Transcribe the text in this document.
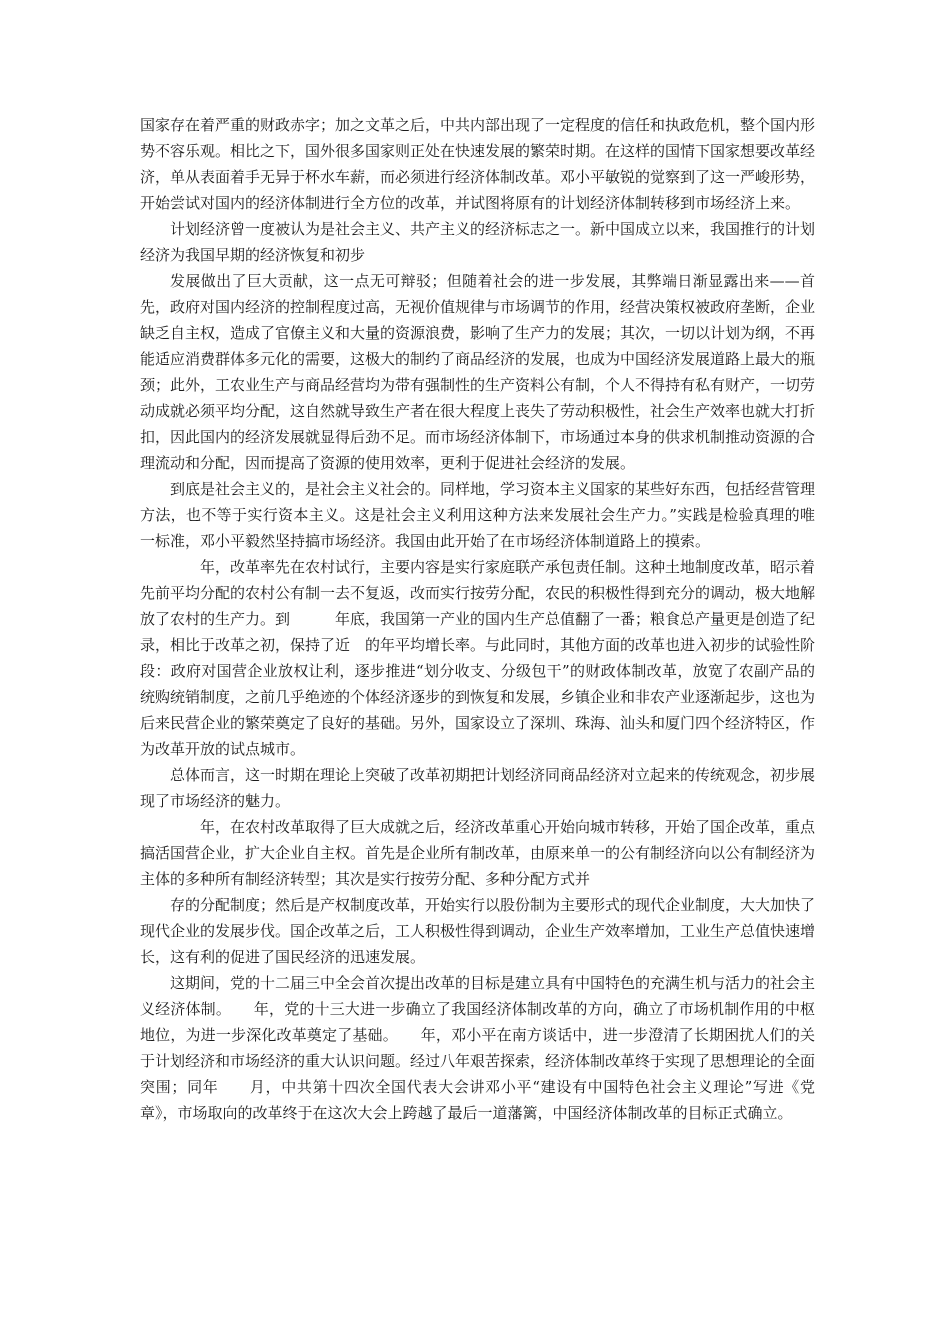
国家存在着严重的财政赤字；加之文革之后，中共内部出现了一定程度的信任和执政危机，整个国内形势不容乐观。相比之下，国外很多国家则正处在快速发展的繁荣时期。在这样的国情下国家想要改革经济，单从表面着手无异于杯水车薪，而必须进行经济体制改革。邓小平敏锐的觉察到了这一严峻形势，开始尝试对国内的经济体制进行全方位的改革，并试图将原有的计划经济体制转移到市场经济上来。

计划经济曾一度被认为是社会主义、共产主义的经济标志之一。新中国成立以来，我国推行的计划经济为我国早期的经济恢复和初步

发展做出了巨大贡献，这一点无可辩驳；但随着社会的进一步发展，其弊端日渐显露出来——首先，政府对国内经济的控制程度过高，无视价值规律与市场调节的作用，经营决策权被政府垄断，企业缺乏自主权，造成了官僚主义和大量的资源浪费，影响了生产力的发展；其次，一切以计划为纲，不再能适应消费群体多元化的需要，这极大的制约了商品经济的发展，也成为中国经济发展道路上最大的瓶颈；此外，工农业生产与商品经营均为带有强制性的生产资料公有制，个人不得持有私有财产，一切劳动成就必须平均分配，这自然就导致生产者在很大程度上丧失了劳动积极性，社会生产效率也就大打折扣，因此国内的经济发展就显得后劲不足。而市场经济体制下，市场通过本身的供求机制推动资源的合理流动和分配，因而提高了资源的使用效率，更利于促进社会经济的发展。

到底是社会主义的，是社会主义社会的。同样地，学习资本主义国家的某些好东西，包括经营管理方法，也不等于实行资本主义。这是社会主义利用这种方法来发展社会生产力。”实践是检验真理的唯一标准，邓小平毅然坚持搞市场经济。我国由此开始了在市场经济体制道路上的摸索。

　　年，改革率先在农村试行，主要内容是实行家庭联产承包责任制。这种土地制度改革，昭示着先前平均分配的农村公有制一去不复返，改而实行按劳分配，农民的积极性得到充分的调动，极大地解放了农村的生产力。到　　　年底，我国第一产业的国内生产总值翻了一番；粮食总产量更是创造了纪录，相比于改革之初，保持了近　的年平均增长率。与此同时，其他方面的改革也进入初步的试验性阶段：政府对国营企业放权让利，逐步推进“划分收支、分级包干”的财政体制改革，放宽了农副产品的统购统销制度，之前几乎绝迹的个体经济逐步的到恢复和发展，乡镇企业和非农产业逐渐起步，这也为后来民营企业的繁荣奠定了良好的基础。另外，国家设立了深圳、珠海、汕头和厦门四个经济特区，作为改革开放的试点城市。

总体而言，这一时期在理论上突破了改革初期把计划经济同商品经济对立起来的传统观念，初步展现了市场经济的魅力。

　　年，在农村改革取得了巨大成就之后，经济改革重心开始向城市转移，开始了国企改革，重点搞活国营企业，扩大企业自主权。首先是企业所有制改革，由原来单一的公有制经济向以公有制经济为主体的多种所有制经济转型；其次是实行按劳分配、多种分配方式并

存的分配制度；然后是产权制度改革，开始实行以股份制为主要形式的现代企业制度，大大加快了现代企业的发展步伐。国企改革之后，工人积极性得到调动，企业生产效率增加，工业生产总值快速增长，这有利的促进了国民经济的迅速发展。

这期间，党的十二届三中全会首次提出改革的目标是建立具有中国特色的充满生机与活力的社会主义经济体制。　　年，党的十三大进一步确立了我国经济体制改革的方向，确立了市场机制作用的中枢地位，为进一步深化改革奠定了基础。　　年，邓小平在南方谈话中，进一步澄清了长期困扰人们的关于计划经济和市场经济的重大认识问题。经过八年艰苦探索，经济体制改革终于实现了思想理论的全面突围；同年　　月，中共第十四次全国代表大会讲邓小平“建设有中国特色社会主义理论”写进《党章》，市场取向的改革终于在这次大会上跨越了最后一道藩篱，中国经济体制改革的目标正式确立。
